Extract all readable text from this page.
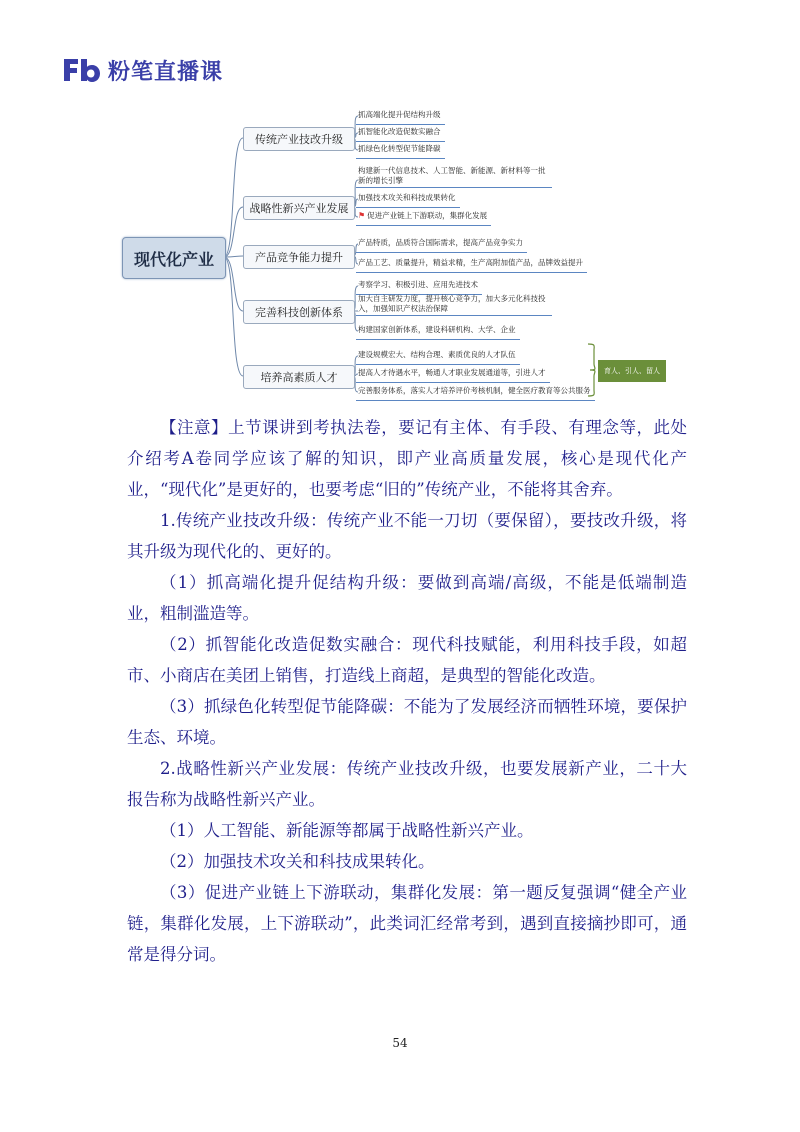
粉笔直播课
现代化产业
传统产业技改升级
战略性新兴产业发展
产品竞争能力提升
完善科技创新体系
培养高素质人才
抓高端化提升促结构升级
抓智能化改造促数实融合
抓绿色化转型促节能降碳
构建新一代信息技术、人工智能、新能源、新材料等一批新的增长引擎
加强技术攻关和科技成果转化
⚑ 促进产业链上下游联动，集群化发展
产品特质，品质符合国际需求，提高产品竞争实力
产品工艺、质量提升，精益求精，生产高附加值产品，品牌效益提升
考察学习、积极引进、应用先进技术
加大自主研发力度，提升核心竞争力，加大多元化科技投入，加强知识产权法治保障
构建国家创新体系，建设科研机构、大学、企业
建设规模宏大、结构合理、素质优良的人才队伍
提高人才待遇水平，畅通人才职业发展通道等，引进人才
完善服务体系，落实人才培养评价考核机制，健全医疗教育等公共服务
育人、引人、留人

【注意】上节课讲到考执法卷，要记有主体、有手段、有理念等，此处介绍考A卷同学应该了解的知识，即产业高质量发展，核心是现代化产业，“现代化”是更好的，也要考虑“旧的”传统产业，不能将其舍弃。

1.传统产业技改升级：传统产业不能一刀切（要保留），要技改升级，将其升级为现代化的、更好的。

（1）抓高端化提升促结构升级：要做到高端/高级，不能是低端制造业，粗制滥造等。

（2）抓智能化改造促数实融合：现代科技赋能，利用科技手段，如超市、小商店在美团上销售，打造线上商超，是典型的智能化改造。

（3）抓绿色化转型促节能降碳：不能为了发展经济而牺牲环境，要保护生态、环境。

2.战略性新兴产业发展：传统产业技改升级，也要发展新产业，二十大报告称为战略性新兴产业。

（1）人工智能、新能源等都属于战略性新兴产业。

（2）加强技术攻关和科技成果转化。

（3）促进产业链上下游联动，集群化发展：第一题反复强调“健全产业链，集群化发展，上下游联动”，此类词汇经常考到，遇到直接摘抄即可，通常是得分词。

54
